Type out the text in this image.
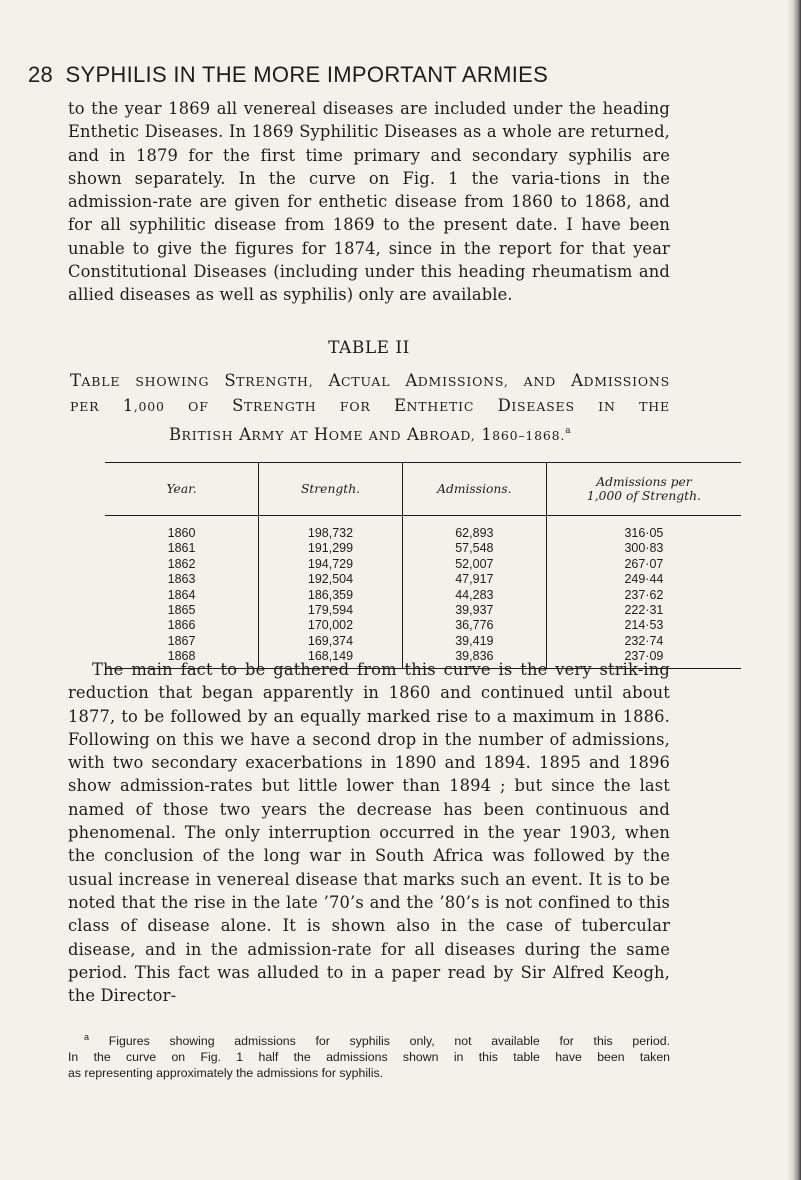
28 SYPHILIS IN THE MORE IMPORTANT ARMIES

to the year 1869 all venereal diseases are included under the heading Enthetic Diseases. In 1869 Syphilitic Diseases as a whole are returned, and in 1879 for the first time primary and secondary syphilis are shown separately. In the curve on Fig. 1 the varia-tions in the admission-rate are given for enthetic disease from 1860 to 1868, and for all syphilitic disease from 1869 to the present date. I have been unable to give the figures for 1874, since in the report for that year Constitutional Diseases (including under this heading rheumatism and allied diseases as well as syphilis) only are available.

TABLE II

TABLE SHOWING STRENGTH, ACTUAL ADMISSIONS, AND ADMISSIONS
PER 1,000 OF STRENGTH FOR ENTHETIC DISEASES IN THE
BRITISH ARMY AT HOME AND ABROAD, 1860–1868.$^a$

Year.	Strength.	Admissions.	Admissions per
1,000 of Strength.
1860	198,732	62,893	316·05
1861	191,299	57,548	300·83
1862	194,729	52,007	267·07
1863	192,504	47,917	249·44
1864	186,359	44,283	237·62
1865	179,594	39,937	222·31
1866	170,002	36,776	214·53
1867	169,374	39,419	232·74
1868	168,149	39,836	237·09

The main fact to be gathered from this curve is the very strik-ing reduction that began apparently in 1860 and continued until about 1877, to be followed by an equally marked rise to a maximum in 1886. Following on this we have a second drop in the number of admissions, with two secondary exacerbations in 1890 and 1894. 1895 and 1896 show admission-rates but little lower than 1894 ; but since the last named of those two years the decrease has been continuous and phenomenal. The only interruption occurred in the year 1903, when the conclusion of the long war in South Africa was followed by the usual increase in venereal disease that marks such an event. It is to be noted that the rise in the late ’70’s and the ’80’s is not confined to this class of disease alone. It is shown also in the case of tubercular disease, and in the admission-rate for all diseases during the same period. This fact was alluded to in a paper read by Sir Alfred Keogh, the Director-

$^a$ Figures showing admissions for syphilis only, not available for this period.
In the curve on Fig. 1 half the admissions shown in this table have been taken
as representing approximately the admissions for syphilis.
